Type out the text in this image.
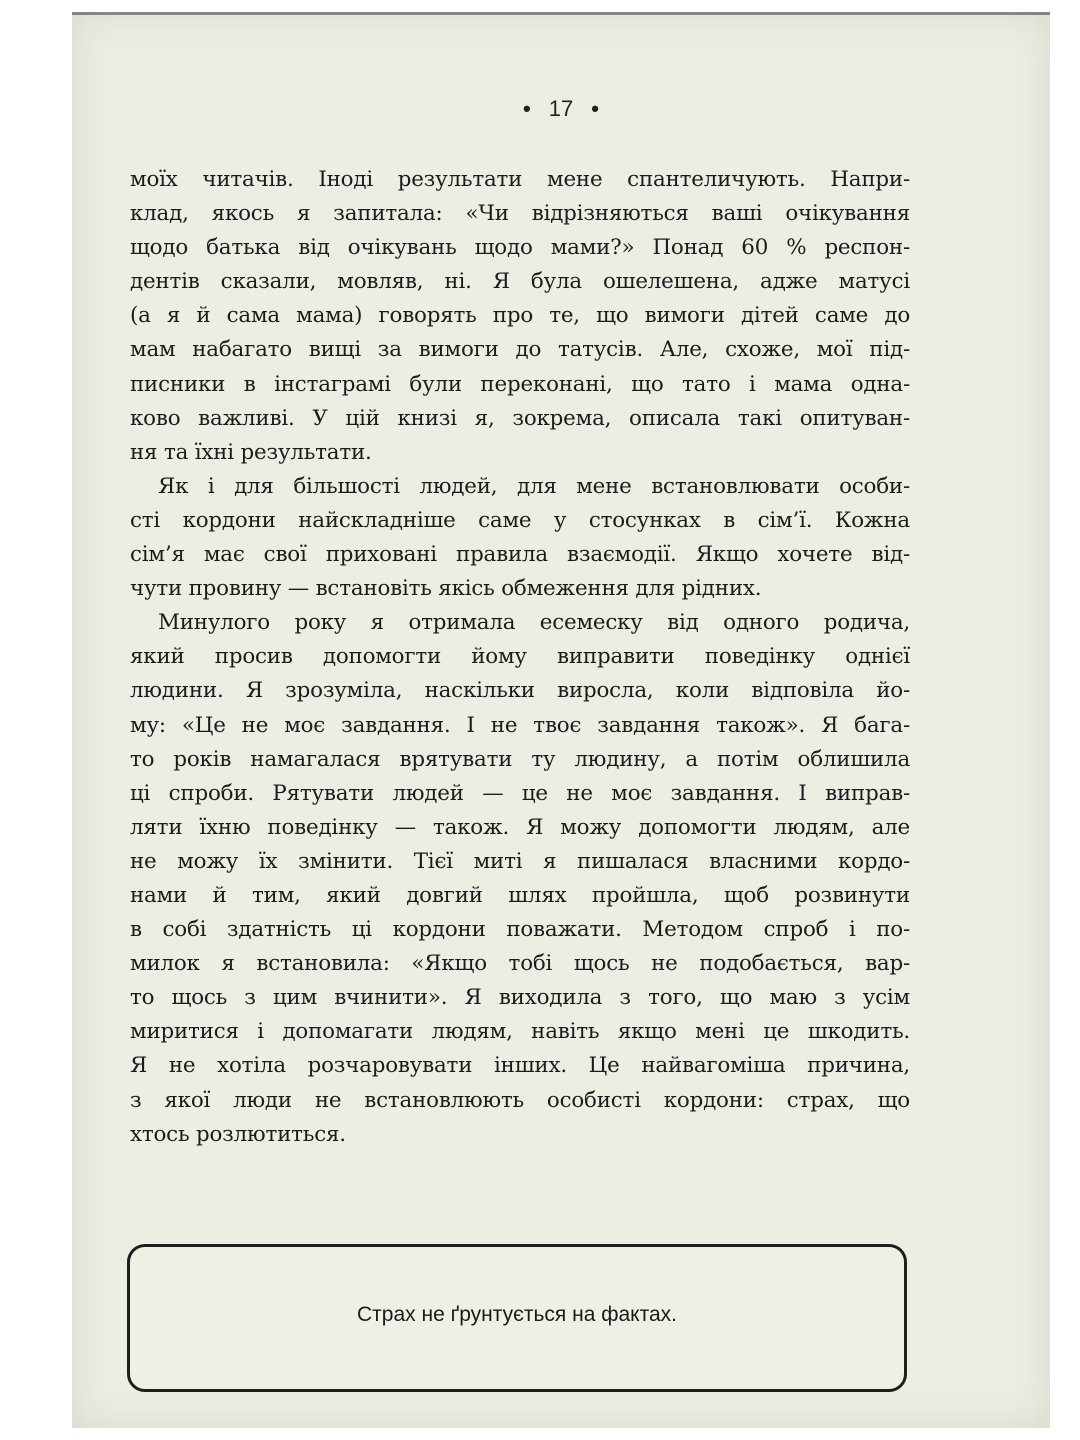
• 17 •
моїх читачів. Іноді результати мене спантеличують. Напри-
клад, якось я запитала: «Чи відрізняються ваші очікування
щодо батька від очікувань щодо мами?» Понад 60 % респон-
дентів сказали, мовляв, ні. Я була ошелешена, адже матусі
(а я й сама мама) говорять про те, що вимоги дітей саме до
мам набагато вищі за вимоги до татусів. Але, схоже, мої під-
писники в інстаграмі були переконані, що тато і мама одна-
ково важливі. У цій книзі я, зокрема, описала такі опитуван-
ня та їхні результати.
Як і для більшості людей, для мене встановлювати особи-
сті кордони найскладніше саме у стосунках в сім’ї. Кожна
сім’я має свої приховані правила взаємодії. Якщо хочете від-
чути провину — встановіть якісь обмеження для рідних.
Минулого року я отримала есемеску від одного родича,
який просив допомогти йому виправити поведінку однієї
людини. Я зрозуміла, наскільки виросла, коли відповіла йо-
му: «Це не моє завдання. І не твоє завдання також». Я бага-
то років намагалася врятувати ту людину, а потім облишила
ці спроби. Рятувати людей — це не моє завдання. І виправ-
ляти їхню поведінку — також. Я можу допомогти людям, але
не можу їх змінити. Тієї миті я пишалася власними кордо-
нами й тим, який довгий шлях пройшла, щоб розвинути
в собі здатність ці кордони поважати. Методом спроб і по-
милок я встановила: «Якщо тобі щось не подобається, вар-
то щось з цим вчинити». Я виходила з того, що маю з усім
миритися і допомагати людям, навіть якщо мені це шкодить.
Я не хотіла розчаровувати інших. Це найвагоміша причина,
з якої люди не встановлюють особисті кордони: страх, що
хтось розлютиться.
Страх не ґрунтується на фактах.
